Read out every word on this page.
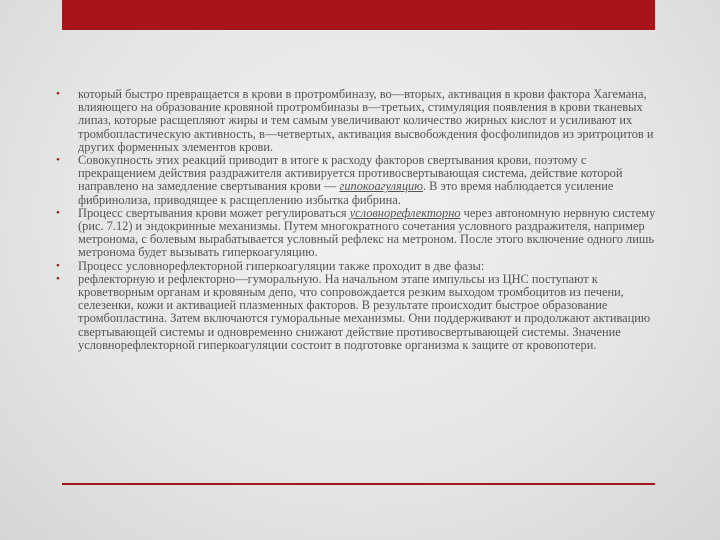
• который быстро превращается в крови в протромбиназу, во—вторых, активация в крови фактора Хагемана, влияющего на образование кровяной протромбиназы в—третьих, стимуляция появления в крови тканевых липаз, которые расщепляют жиры и тем самым увеличивают количество жирных кислот и усиливают их тромбопластическую активность, в—четвертых, активация высвобождения фосфолипидов из эритроцитов и других форменных элементов крови.
• Совокупность этих реакций приводит в итоге к расходу факторов свертывания крови, поэтому с прекращением действия раздражителя активируется противосвертывающая система, действие которой направлено на замедление свертывания крови — гипокоагуляцию. В это время наблюдается усиление фибринолиза, приводящее к расщеплению избытка фибрина.
• Процесс свертывания крови может регулироваться условнорефлекторно через автономную нервную систему (рис. 7.12) и эндокринные механизмы. Путем многократного сочетания условного раздражителя, например метронома, с болевым вырабатывается условный рефлекс на метроном. После этого включение одного лишь метронома будет вызывать гиперкоагуляцию.
• Процесс условнорефлекторной гиперкоагуляции также проходит в две фазы:
• рефлекторную и рефлекторно—гуморальную. На начальном этапе импульсы из ЦНС поступают к кроветворным органам и кровяным депо, что сопровождается резким выходом тромбоцитов из печени, селезенки, кожи и активацией плазменных факторов. В результате происходит быстрое образование тромбопластина. Затем включаются гуморальные механизмы. Они поддерживают и продолжают активацию свертывающей системы и одновременно снижают действие противосвертывающей системы. Значение условнорефлекторной гиперкоагуляции состоит в подготовке организма к защите от кровопотери.
